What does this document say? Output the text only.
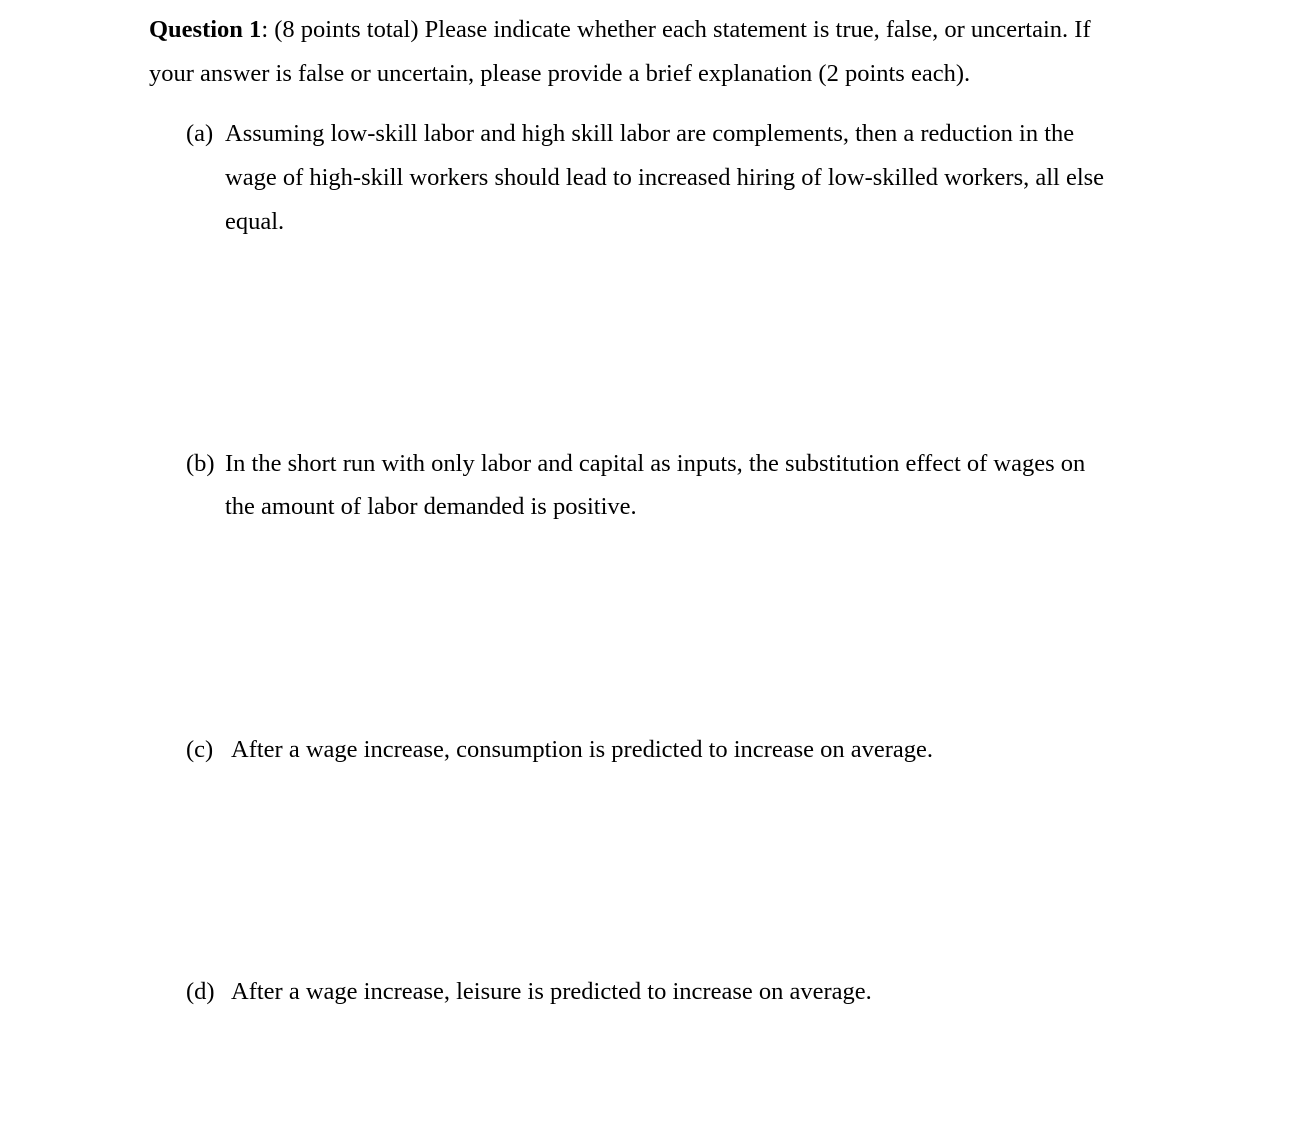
Question 1: (8 points total) Please indicate whether each statement is true, false, or uncertain. If
your answer is false or uncertain, please provide a brief explanation (2 points each).
(a) Assuming low-skill labor and high skill labor are complements, then a reduction in the
wage of high-skill workers should lead to increased hiring of low-skilled workers, all else
equal.
(b) In the short run with only labor and capital as inputs, the substitution effect of wages on
the amount of labor demanded is positive.
(c) After a wage increase, consumption is predicted to increase on average.
(d) After a wage increase, leisure is predicted to increase on average.
